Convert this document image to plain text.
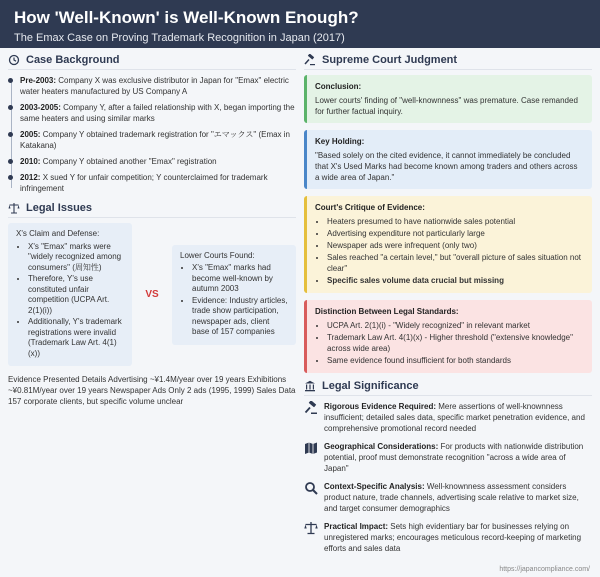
How 'Well-Known' is Well-Known Enough?
The Emax Case on Proving Trademark Recognition in Japan (2017)
Case Background
Pre-2003: Company X was exclusive distributor in Japan for "Emax" electric water heaters manufactured by US Company A
2003-2005: Company Y, after a failed relationship with X, began importing the same heaters and using similar marks
2005: Company Y obtained trademark registration for "エマックス" (Emax in Katakana)
2010: Company Y obtained another "Emax" registration
2012: X sued Y for unfair competition; Y counterclaimed for trademark infringement
Legal Issues
X's Claim and Defense:
• X's "Emax" marks were "widely recognized among consumers" (周知性)
• Therefore, Y's use constituted unfair competition (UCPA Art. 2(1)(i))
• Additionally, Y's trademark registrations were invalid (Trademark Law Art. 4(1)(x))
VS
Lower Courts Found:
• X's "Emax" marks had become well-known by autumn 2003
• Evidence: Industry articles, trade show participation, newspaper ads, client base of 157 companies
Evidence Presented Details Advertising ~¥1.4M/year over 19 years Exhibitions ~¥0.81M/year over 19 years Newspaper Ads Only 2 ads (1995, 1999) Sales Data 157 corporate clients, but specific volume unclear
Supreme Court Judgment
Conclusion:
Lower courts' finding of "well-knownness" was premature. Case remanded for further factual inquiry.
Key Holding:
"Based solely on the cited evidence, it cannot immediately be concluded that X's Used Marks had become known among traders and others across a wide area of Japan."
Court's Critique of Evidence:
• Heaters presumed to have nationwide sales potential
• Advertising expenditure not particularly large
• Newspaper ads were infrequent (only two)
• Sales reached "a certain level," but "overall picture of sales situation not clear"
• Specific sales volume data crucial but missing
Distinction Between Legal Standards:
• UCPA Art. 2(1)(i) - "Widely recognized" in relevant market
• Trademark Law Art. 4(1)(x) - Higher threshold ("extensive knowledge" across wide area)
• Same evidence found insufficient for both standards
Legal Significance
Rigorous Evidence Required: Mere assertions of well-knownness insufficient; detailed sales data, specific market penetration evidence, and comprehensive promotional record needed
Geographical Considerations: For products with nationwide distribution potential, proof must demonstrate recognition "across a wide area of Japan"
Context-Specific Analysis: Well-knownness assessment considers product nature, trade channels, advertising scale relative to market size, and target consumer demographics
Practical Impact: Sets high evidentiary bar for businesses relying on unregistered marks; encourages meticulous record-keeping of marketing efforts and sales data
https://japancompliance.com/
